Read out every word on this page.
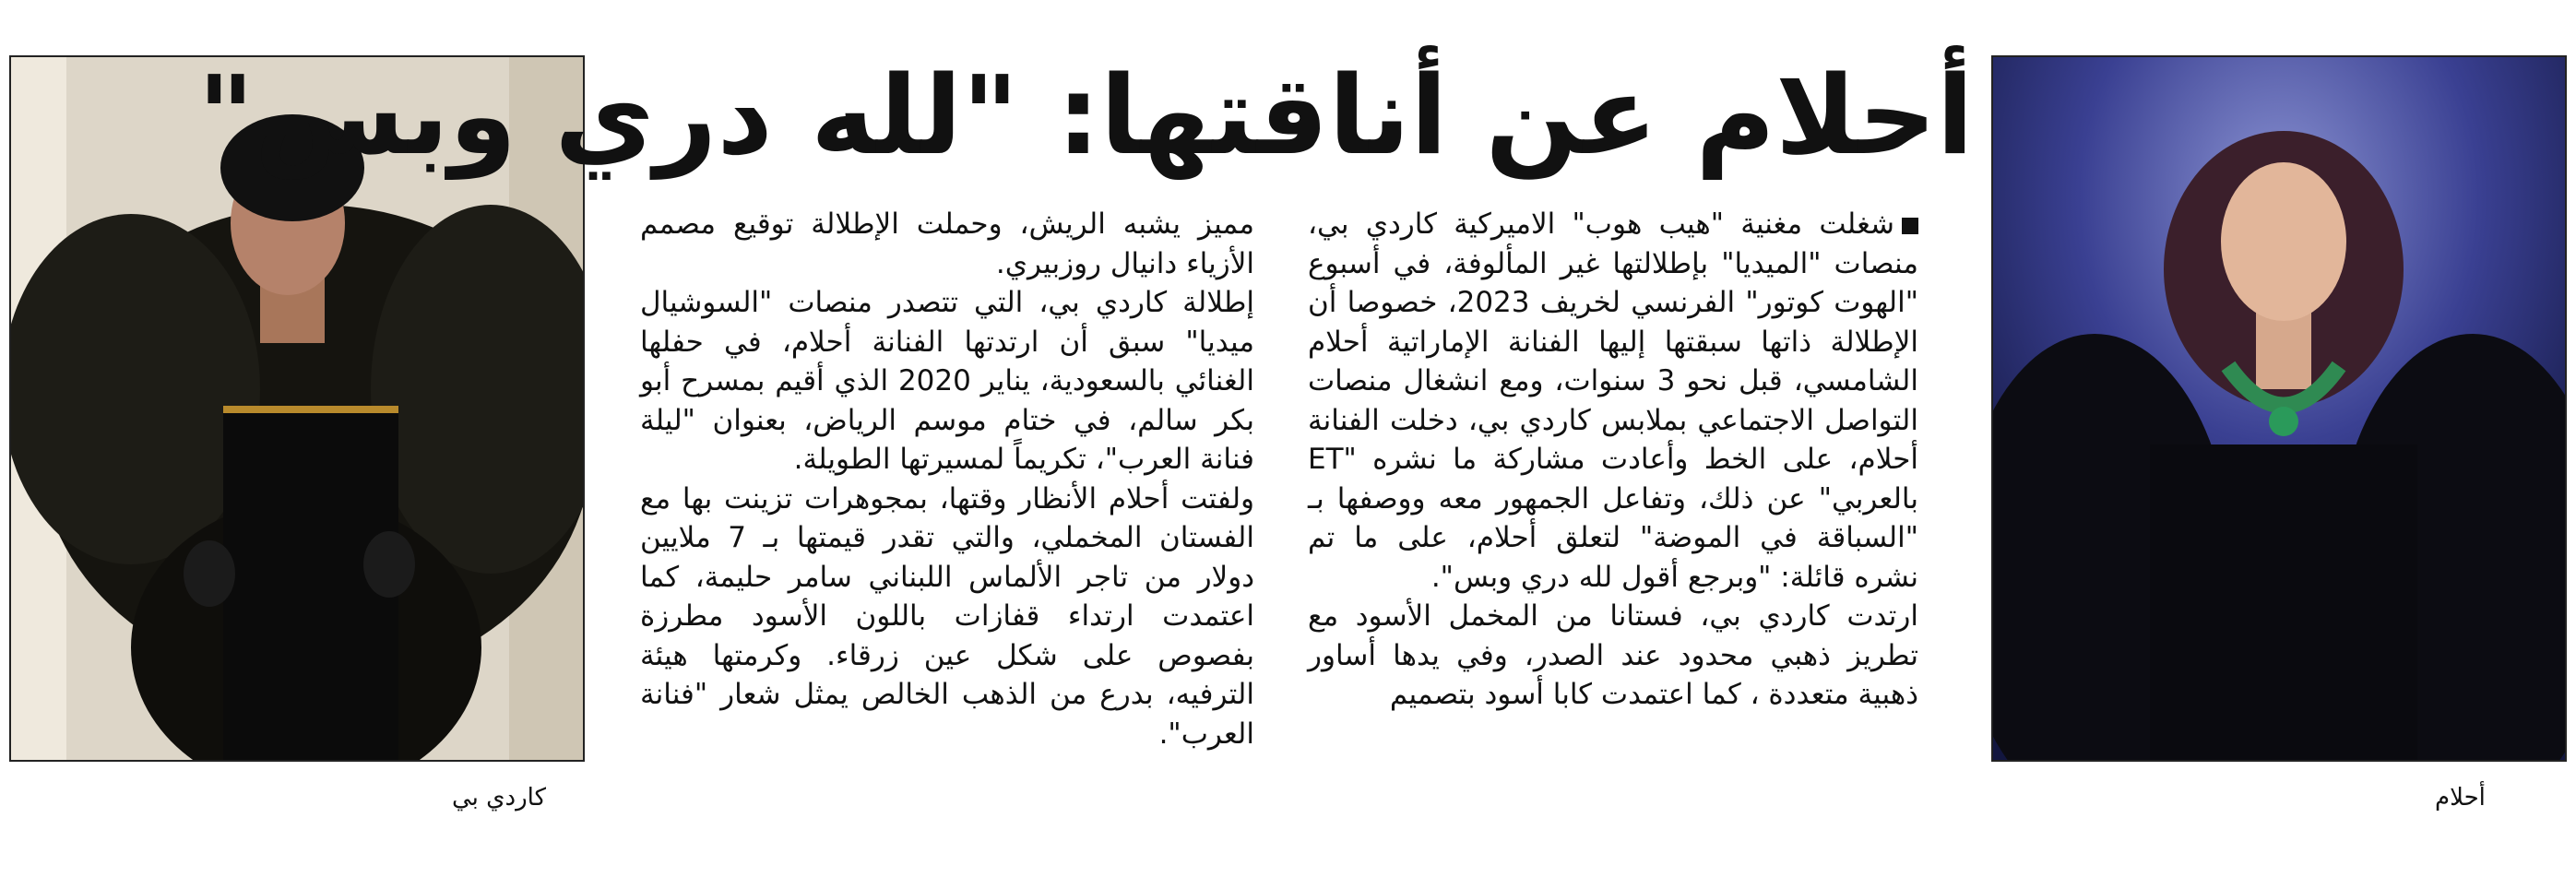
كاردي بي
أحلام عن أناقتها: "لله دري وبس"

شغلت مغنية "هيب هوب" الاميركية كاردي بي، منصات "الميديا" بإطلالتها غير المألوفة، في أسبوع "الهوت كوتور" الفرنسي لخريف 2023، خصوصا أن الإطلالة ذاتها سبقتها إليها الفنانة الإماراتية أحلام الشامسي، قبل نحو 3 سنوات، ومع انشغال منصات التواصل الاجتماعي بملابس كاردي بي، دخلت الفنانة أحلام، على الخط وأعادت مشاركة ما نشره "ET بالعربي" عن ذلك، وتفاعل الجمهور معه ووصفها بـ "السباقة في الموضة" لتعلق أحلام، على ما تم نشره قائلة: "وبرجع أقول لله دري وبس".

ارتدت كاردي بي، فستانا من المخمل الأسود مع تطريز ذهبي محدود عند الصدر، وفي يدها أساور ذهبية متعددة ، كما اعتمدت كابا أسود بتصميم

مميز يشبه الريش، وحملت الإطلالة توقيع مصمم الأزياء دانيال روزبيري.

إطلالة كاردي بي، التي تتصدر منصات "السوشيال ميديا" سبق أن ارتدتها الفنانة أحلام، في حفلها الغنائي بالسعودية، يناير 2020 الذي أقيم بمسرح أبو بكر سالم، في ختام موسم الرياض، بعنوان "ليلة فنانة العرب"، تكريماً لمسيرتها الطويلة.

ولفتت أحلام الأنظار وقتها، بمجوهرات تزينت بها مع الفستان المخملي، والتي تقدر قيمتها بـ 7 ملايين دولار من تاجر الألماس اللبناني سامر حليمة، كما اعتمدت ارتداء قفازات باللون الأسود مطرزة بفصوص على شكل عين زرقاء. وكرمتها هيئة الترفيه، بدرع من الذهب الخالص يمثل شعار "فنانة العرب".

أحلام
